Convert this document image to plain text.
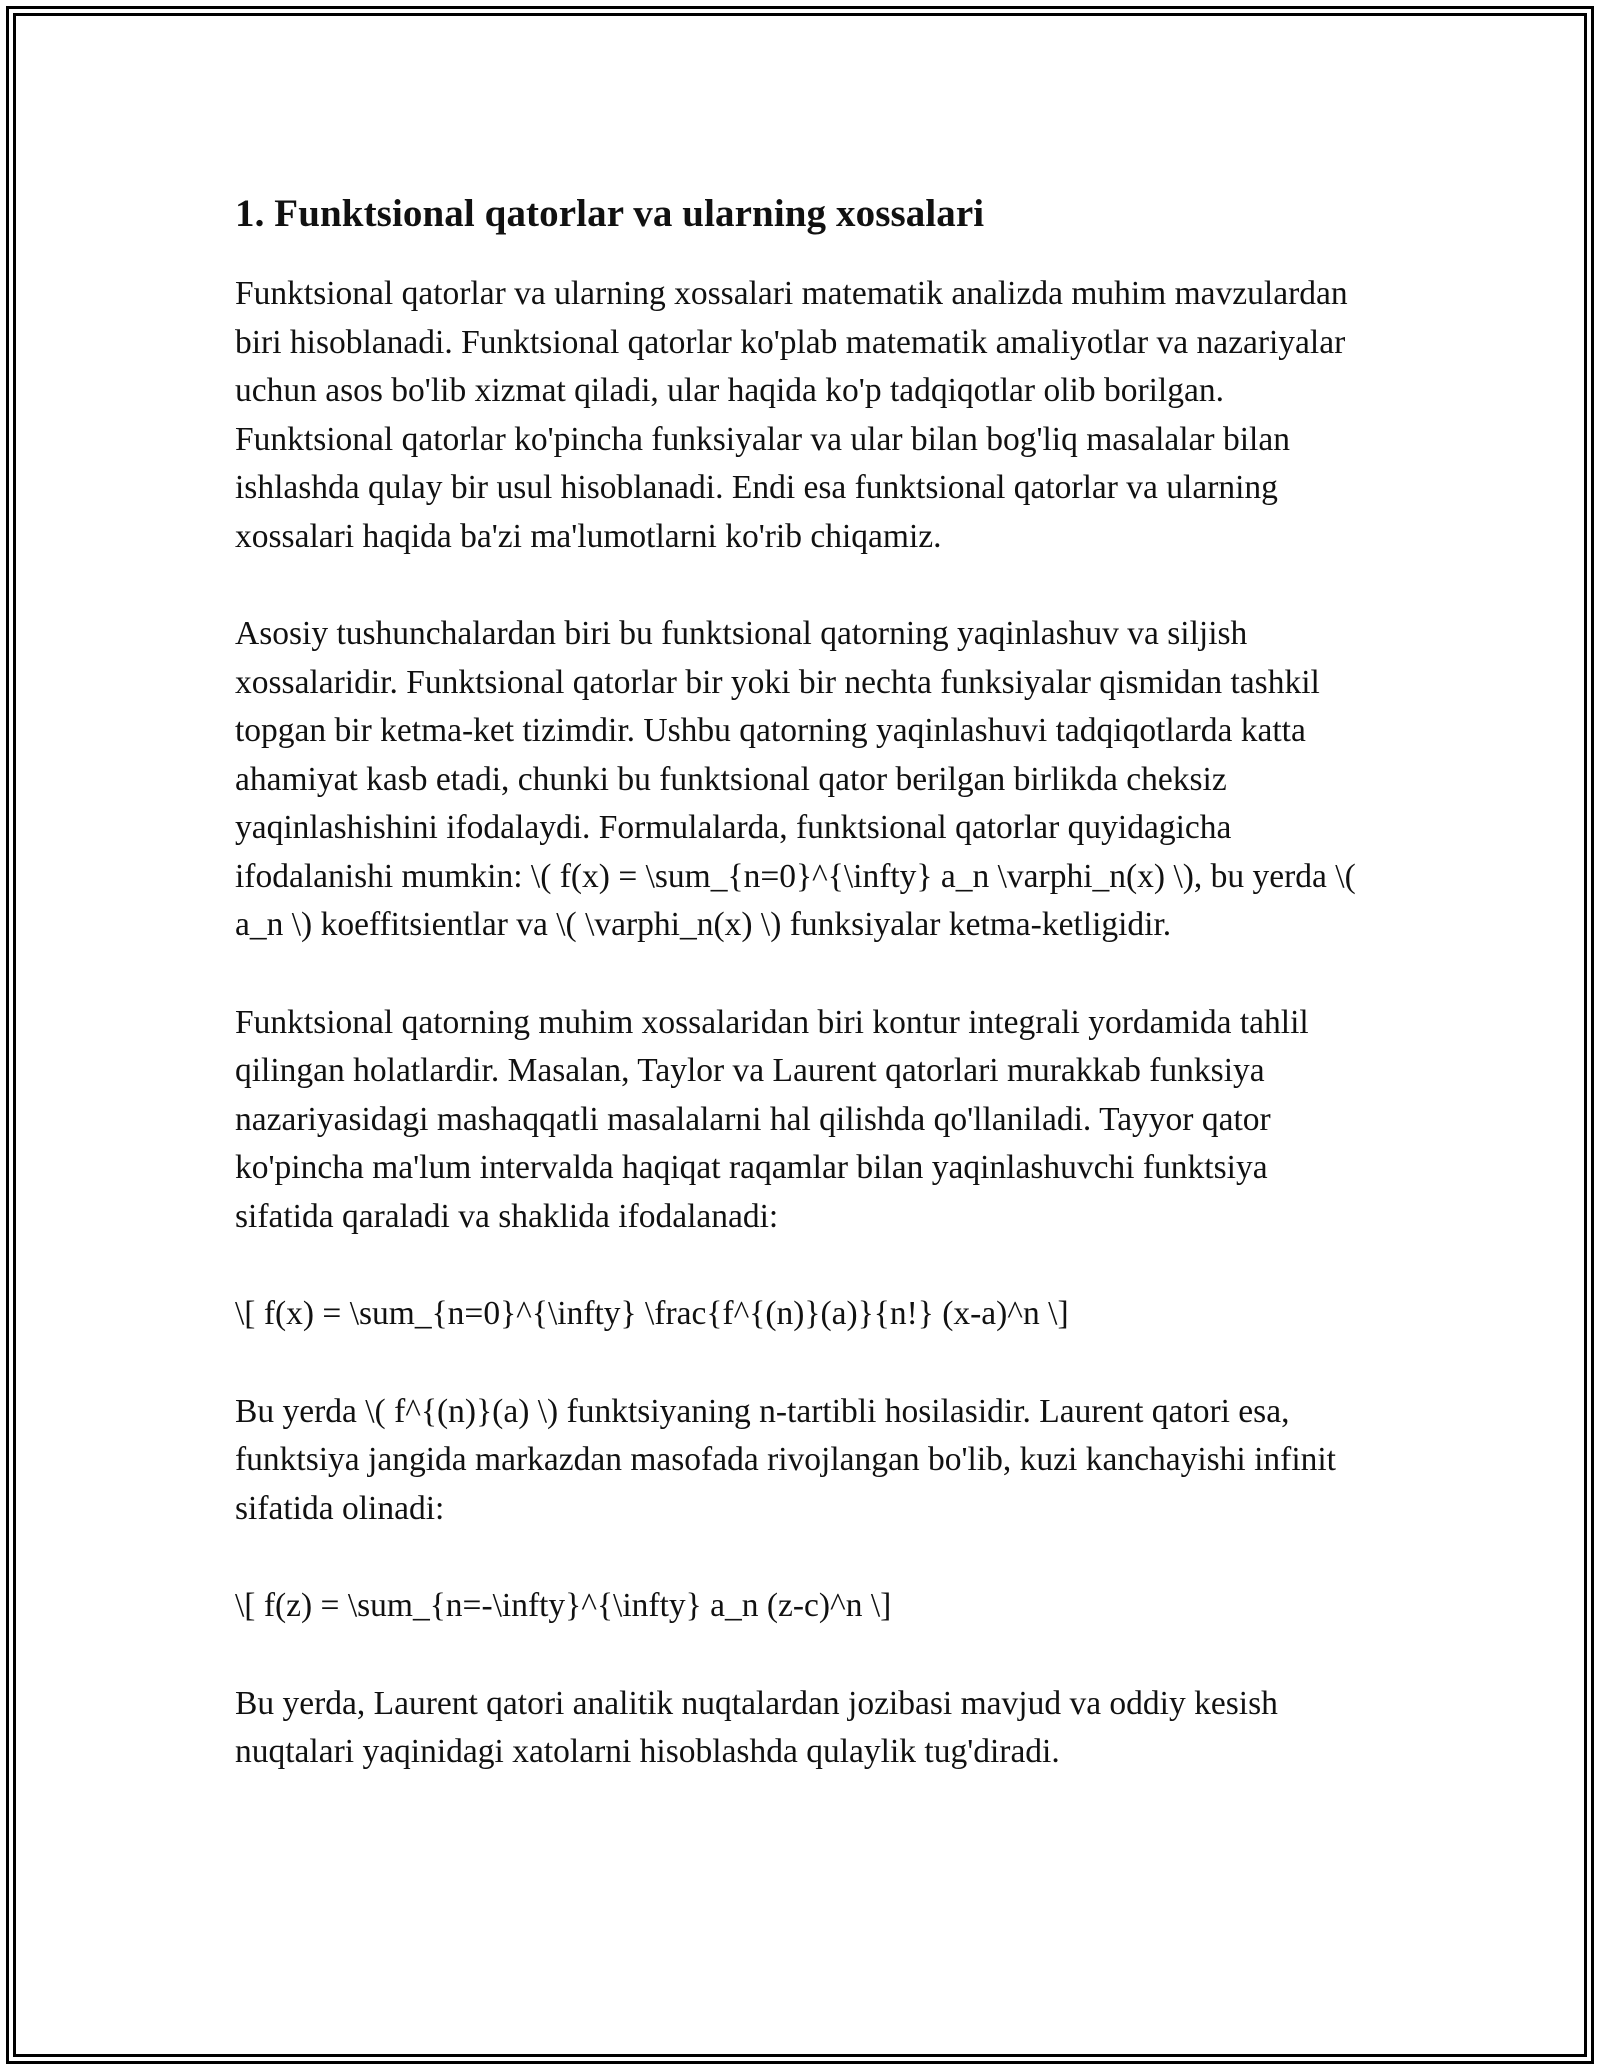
1. Funktsional qatorlar va ularning xossalari

Funktsional qatorlar va ularning xossalari matematik analizda muhim mavzulardan biri hisoblanadi. Funktsional qatorlar ko'plab matematik amaliyotlar va nazariyalar uchun asos bo'lib xizmat qiladi, ular haqida ko'p tadqiqotlar olib borilgan. Funktsional qatorlar ko'pincha funksiyalar va ular bilan bog'liq masalalar bilan ishlashda qulay bir usul hisoblanadi. Endi esa funktsional qatorlar va ularning xossalari haqida ba'zi ma'lumotlarni ko'rib chiqamiz.

Asosiy tushunchalardan biri bu funktsional qatorning yaqinlashuv va siljish xossalaridir. Funktsional qatorlar bir yoki bir nechta funksiyalar qismidan tashkil topgan bir ketma-ket tizimdir. Ushbu qatorning yaqinlashuvi tadqiqotlarda katta ahamiyat kasb etadi, chunki bu funktsional qator berilgan birlikda cheksiz yaqinlashishini ifodalaydi. Formulalarda, funktsional qatorlar quyidagicha ifodalanishi mumkin: \( f(x) = \sum_{n=0}^{\infty} a_n \varphi_n(x) \), bu yerda \( a_n \) koeffitsientlar va \( \varphi_n(x) \) funksiyalar ketma-ketligidir.

Funktsional qatorning muhim xossalaridan biri kontur integrali yordamida tahlil qilingan holatlardir. Masalan, Taylor va Laurent qatorlari murakkab funksiya nazariyasidagi mashaqqatli masalalarni hal qilishda qo'llaniladi. Tayyor qator ko'pincha ma'lum intervalda haqiqat raqamlar bilan yaqinlashuvchi funktsiya sifatida qaraladi va shaklida ifodalanadi:

\[ f(x) = \sum_{n=0}^{\infty} \frac{f^{(n)}(a)}{n!} (x-a)^n \]

Bu yerda \( f^{(n)}(a) \) funktsiyaning n-tartibli hosilasidir. Laurent qatori esa, funktsiya jangida markazdan masofada rivojlangan bo'lib, kuzi kanchayishi infinit sifatida olinadi:

\[ f(z) = \sum_{n=-\infty}^{\infty} a_n (z-c)^n \]

Bu yerda, Laurent qatori analitik nuqtalardan jozibasi mavjud va oddiy kesish nuqtalari yaqinidagi xatolarni hisoblashda qulaylik tug'diradi.
